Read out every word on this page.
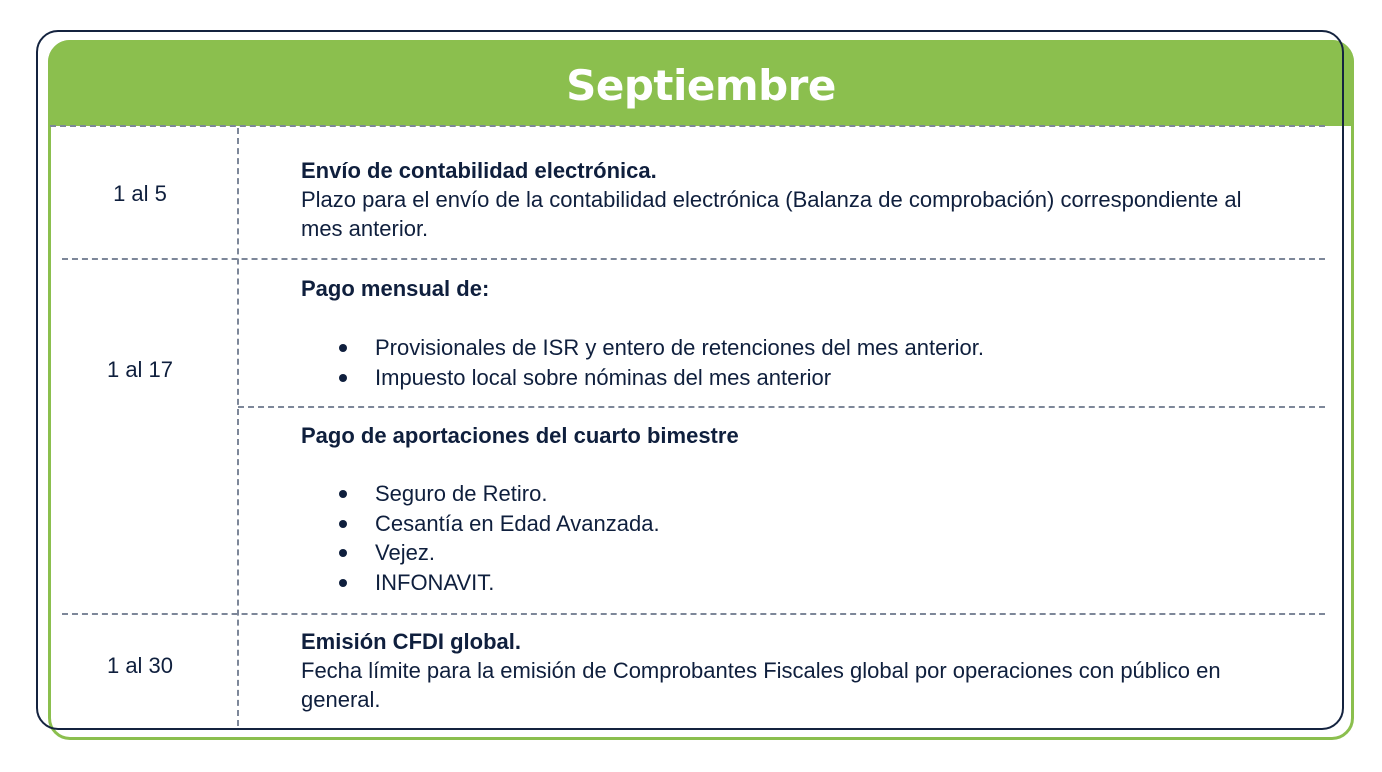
Septiembre
1 al 5
Envío de contabilidad electrónica.
Plazo para el envío de la contabilidad electrónica (Balanza de comprobación) correspondiente al mes anterior.
1 al 17
Pago mensual de:
Provisionales de ISR y entero de retenciones del mes anterior.
Impuesto local sobre nóminas del mes anterior
Pago de aportaciones del cuarto bimestre
Seguro de Retiro.
Cesantía en Edad Avanzada.
Vejez.
INFONAVIT.
1 al 30
Emisión CFDI global.
Fecha límite para la emisión de Comprobantes Fiscales global por operaciones con público en general.
